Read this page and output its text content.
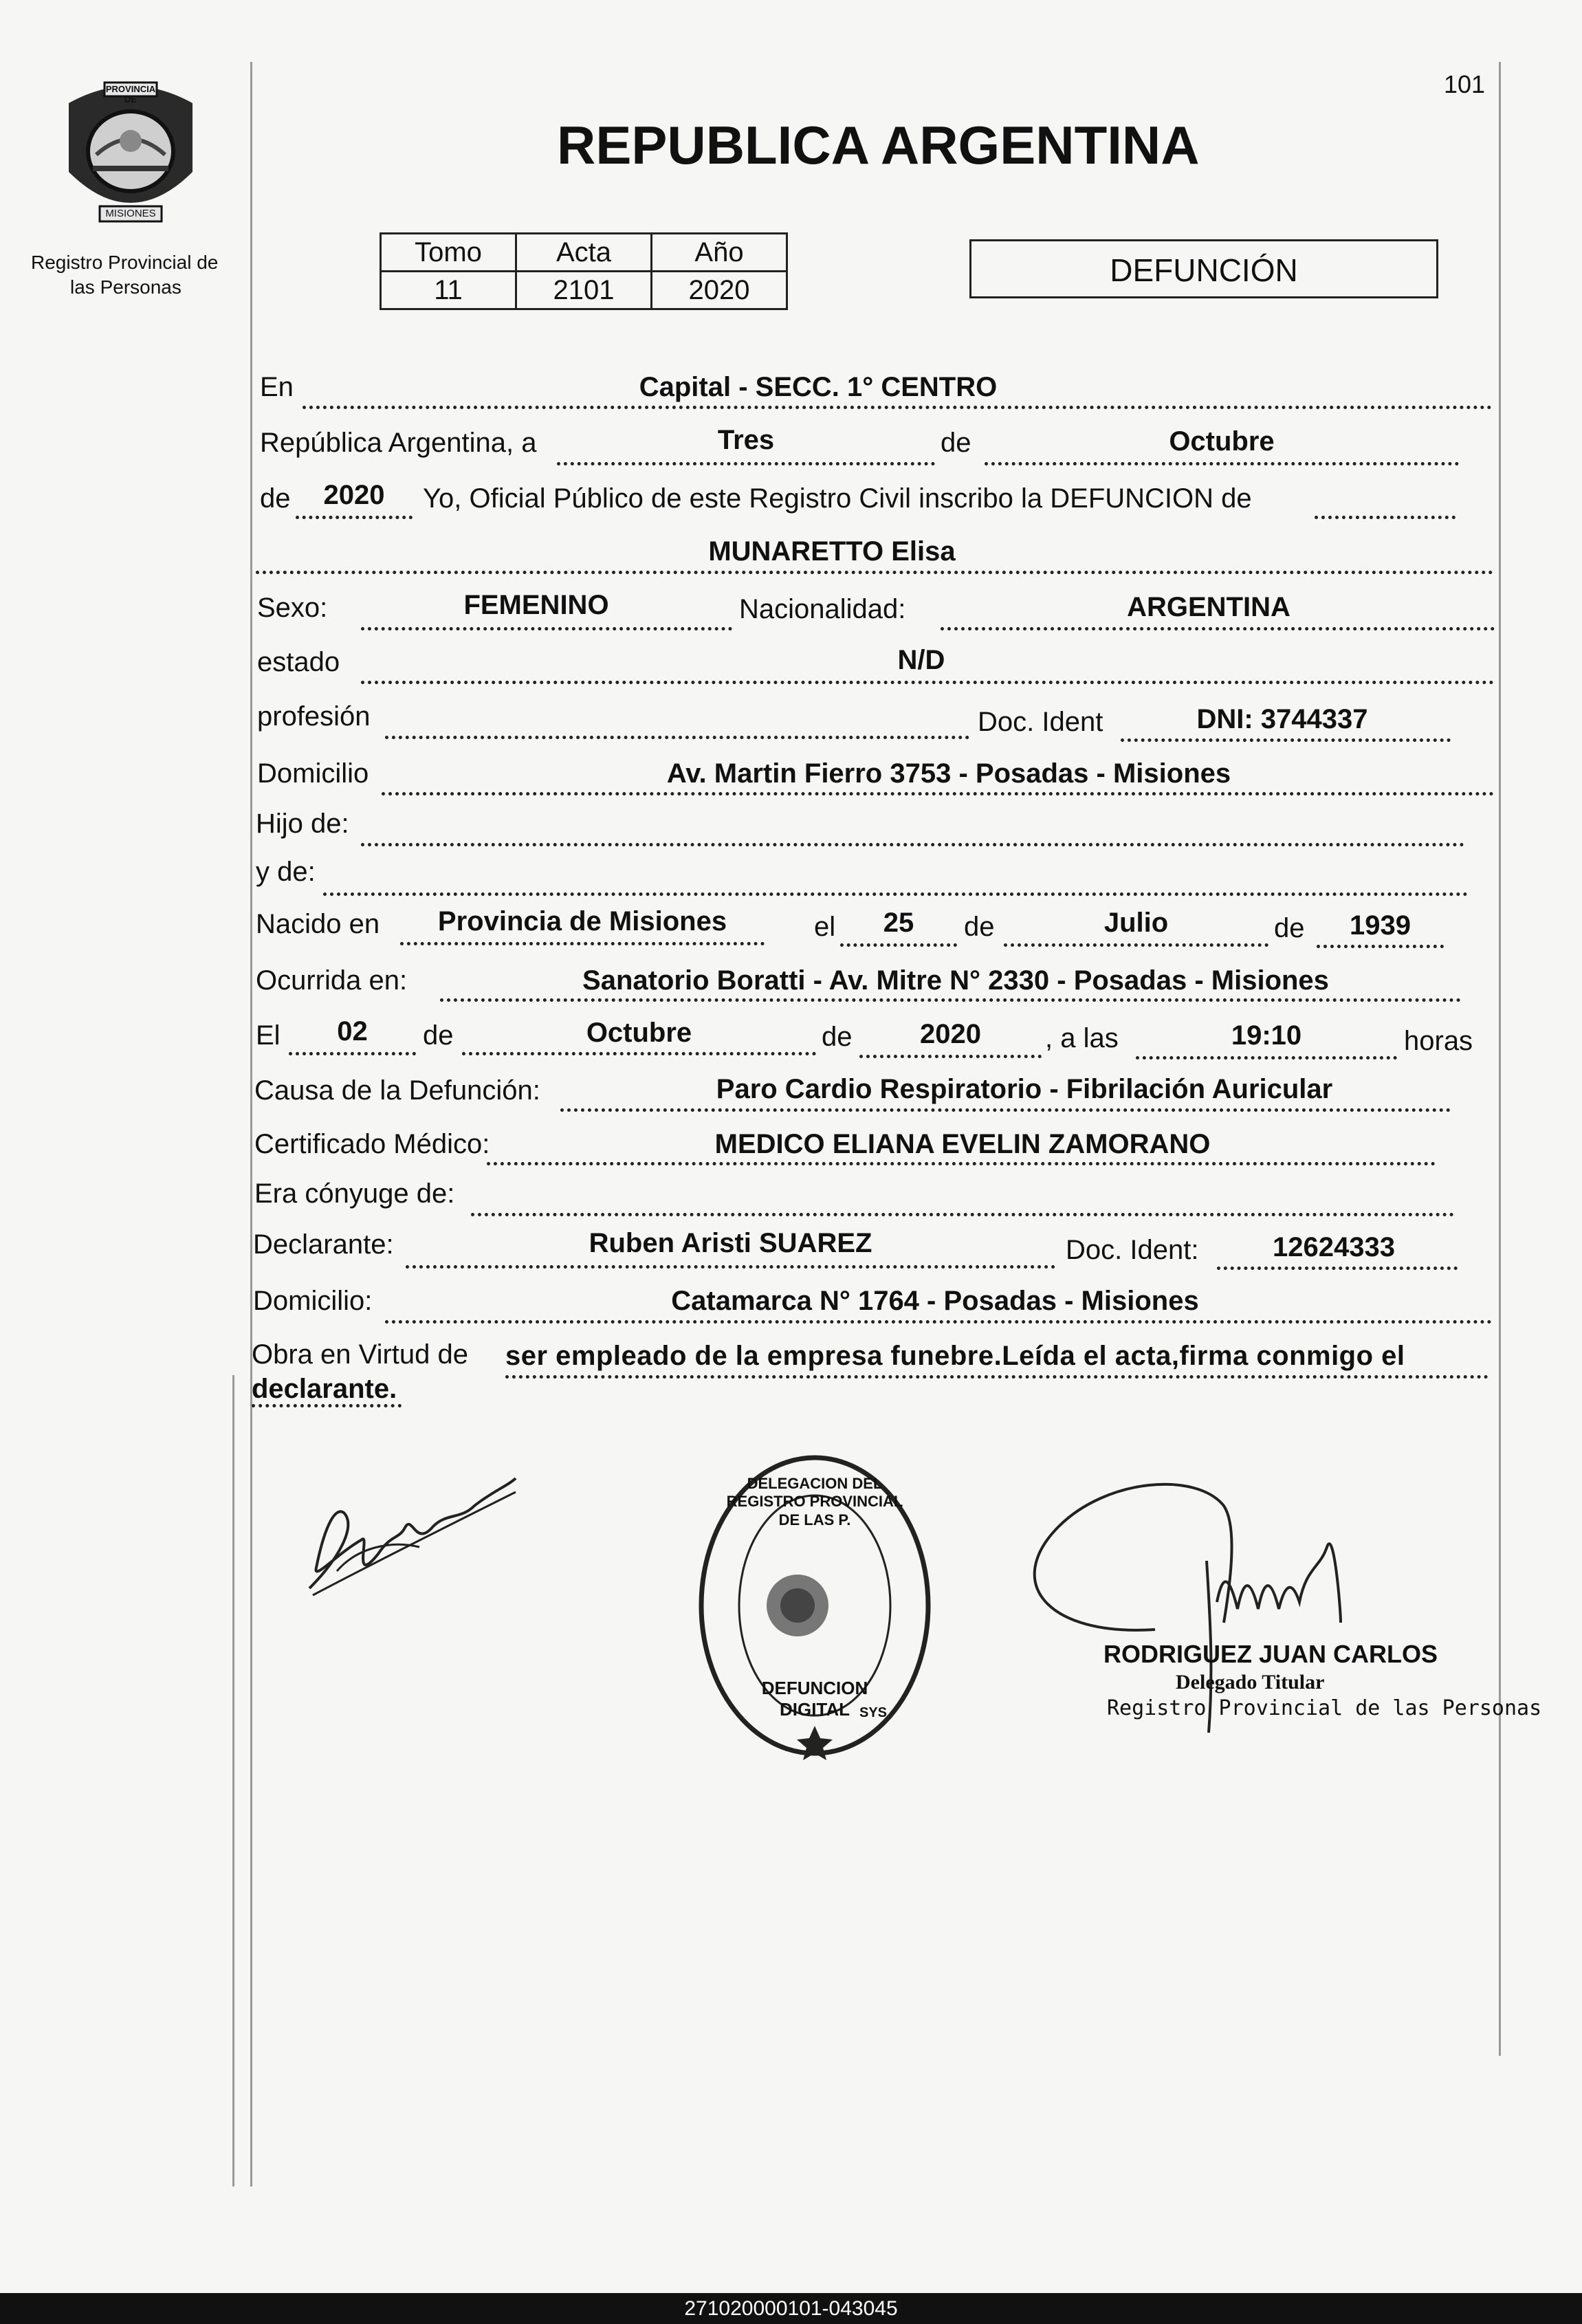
PROVINCIA DE
MISIONES
Registro Provincial de
las Personas
101
REPUBLICA ARGENTINA
Tomo	Acta	Año
11	2101	2020
DEFUNCIÓN
En	Capital - SECC. 1° CENTRO
República Argentina, a	Tres	de	Octubre
de	2020	Yo, Oficial Público de este Registro Civil inscribo la DEFUNCION de
MUNARETTO Elisa
Sexo:	FEMENINO	Nacionalidad:	ARGENTINA
estado	N/D
profesión	Doc. Ident	DNI: 3744337
Domicilio	Av. Martin Fierro 3753 - Posadas - Misiones
Hijo de:
y de:
Nacido en	Provincia de Misiones	el	25	de	Julio	de	1939
Ocurrida en:	Sanatorio Boratti - Av. Mitre N° 2330 - Posadas - Misiones
El	02	de	Octubre	de	2020	, a las	19:10	horas
Causa de la Defunción:	Paro Cardio Respiratorio - Fibrilación Auricular
Certificado Médico:	MEDICO ELIANA EVELIN ZAMORANO
Era cónyuge de:
Declarante:	Ruben Aristi SUAREZ	Doc. Ident:	12624333
Domicilio:	Catamarca N° 1764 - Posadas - Misiones
Obra en Virtud de ser empleado de la empresa funebre.Leída el acta,firma conmigo el
declarante.
DELEGACION DEL REGISTRO PROVINCIAL DE LAS P.
DEFUNCION DIGITAL SYS
RODRIGUEZ JUAN CARLOS
Delegado Titular
Registro Provincial de las Personas
271020000101-043045
